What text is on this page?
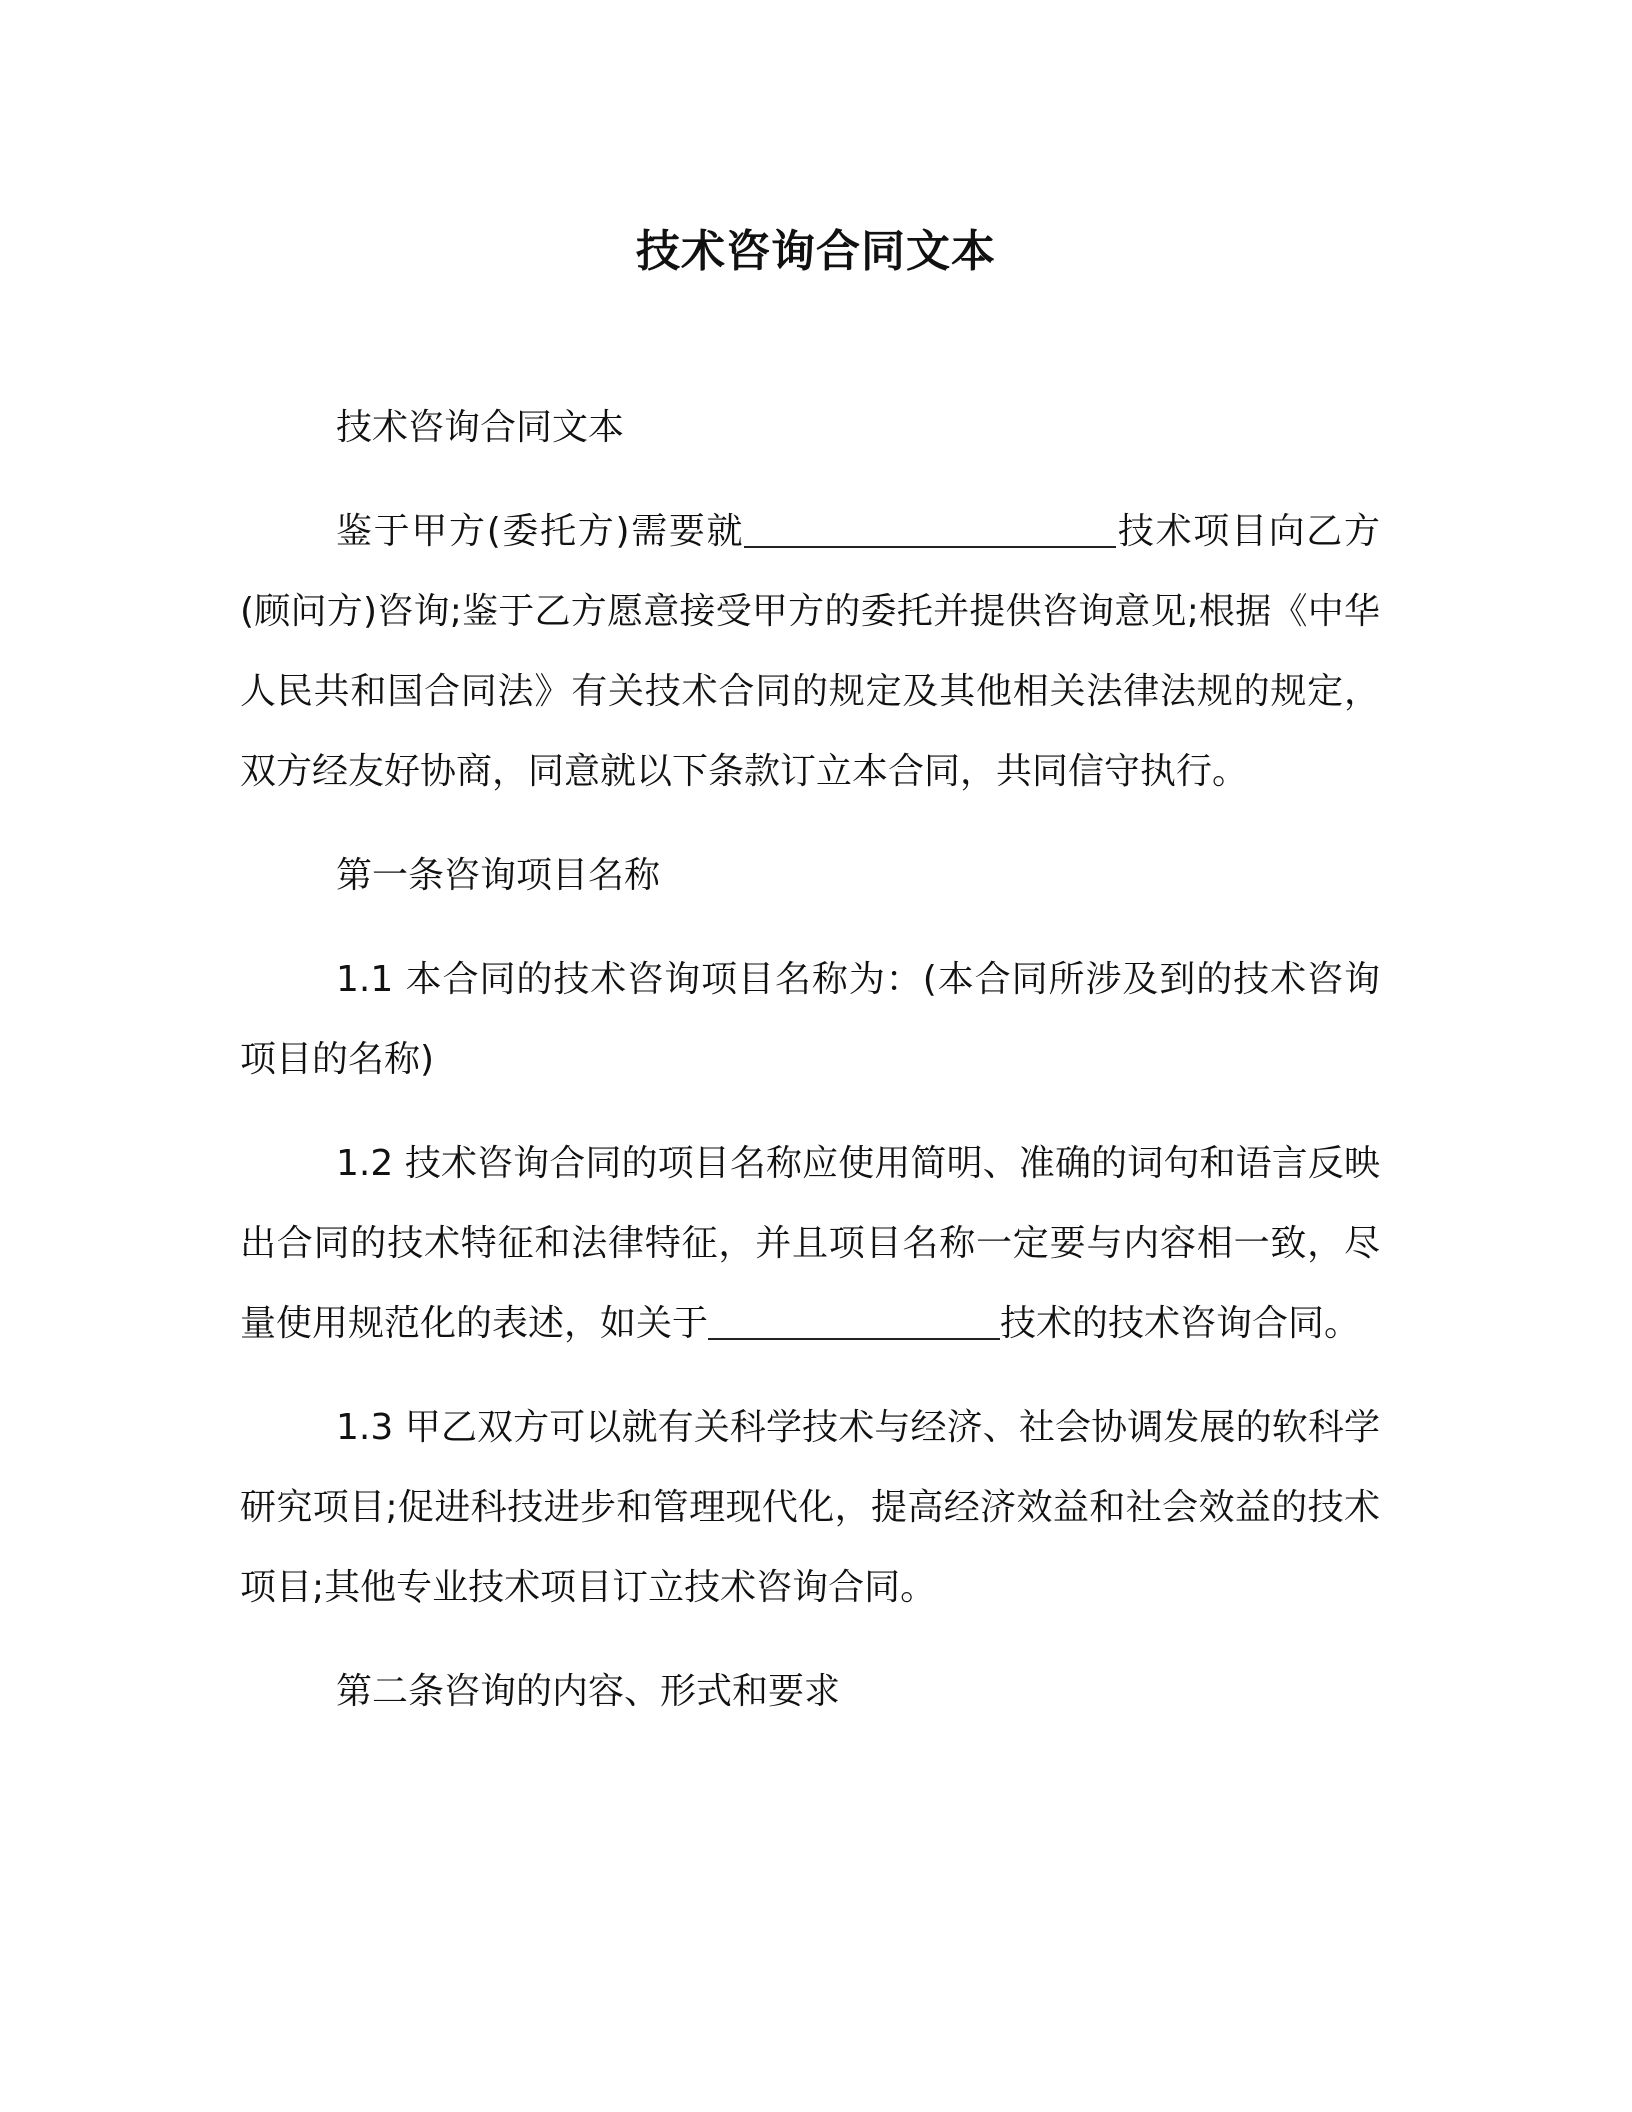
技术咨询合同文本

技术咨询合同文本

鉴于甲方(委托方)需要就	技术项目向乙方(顾问方)咨询;鉴于乙方愿意接受甲方的委托并提供咨询意见;根据《中华人民共和国合同法》有关技术合同的规定及其他相关法律法规的规定，双方经友好协商，同意就以下条款订立本合同，共同信守执行。

第一条咨询项目名称

1.1 本合同的技术咨询项目名称为：(本合同所涉及到的技术咨询项目的名称)

1.2 技术咨询合同的项目名称应使用简明、准确的词句和语言反映出合同的技术特征和法律特征，并且项目名称一定要与内容相一致，尽量使用规范化的表述，如关于	技术的技术咨询合同。

1.3 甲乙双方可以就有关科学技术与经济、社会协调发展的软科学研究项目;促进科技进步和管理现代化，提高经济效益和社会效益的技术项目;其他专业技术项目订立技术咨询合同。

第二条咨询的内容、形式和要求
